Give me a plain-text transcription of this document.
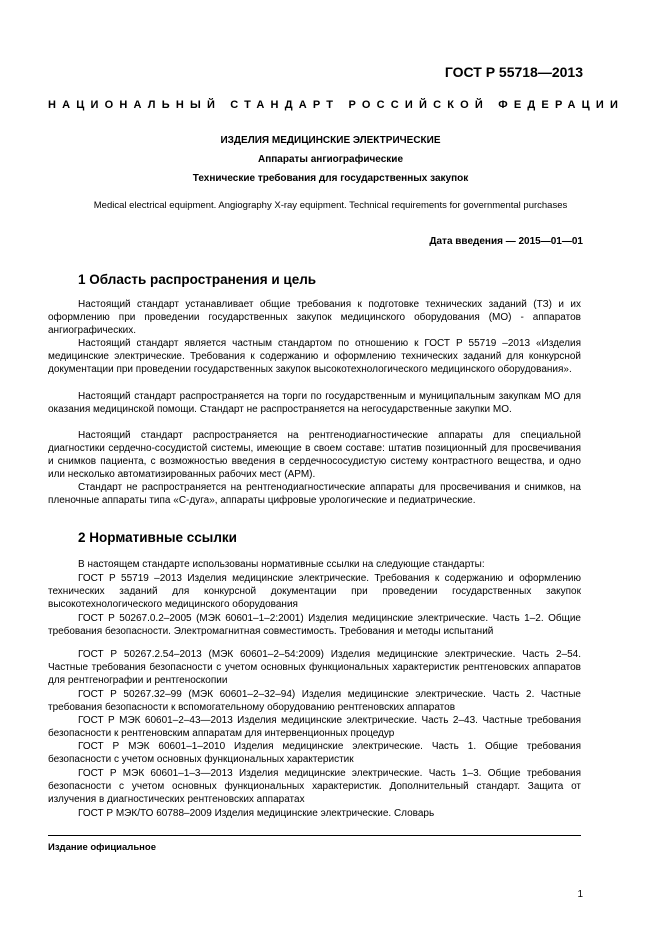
ГОСТ Р 55718—2013
НАЦИОНАЛЬНЫЙ СТАНДАРТ РОССИЙСКОЙ ФЕДЕРАЦИИ
ИЗДЕЛИЯ МЕДИЦИНСКИЕ ЭЛЕКТРИЧЕСКИЕ
Аппараты ангиографические
Технические требования для государственных закупок
Medical electrical equipment. Angiography X-ray equipment. Technical requirements for governmental purchases
Дата введения — 2015—01—01
1 Область распространения и цель
Настоящий стандарт устанавливает общие требования к подготовке технических заданий (ТЗ) и их оформлению при проведении государственных закупок медицинского оборудования (МО) - аппаратов ангиографических.
Настоящий стандарт является частным стандартом по отношению к ГОСТ Р 55719 –2013 «Изделия медицинские электрические. Требования к содержанию и оформлению технических заданий для конкурсной документации при проведении государственных закупок высокотехнологического медицинского оборудования».
Настоящий стандарт распространяется на торги по государственным и муниципальным закупкам МО для оказания медицинской помощи. Стандарт не распространяется на негосударственные закупки МО.
Настоящий стандарт распространяется на рентгенодиагностические аппараты для специальной диагностики сердечно-сосудистой системы, имеющие в своем составе: штатив позиционный для просвечивания и снимков пациента, с возможностью введения в сердечнососудистую систему контрастного вещества, и одно или несколько автоматизированных рабочих мест (АРМ).
Стандарт не распространяется на рентгенодиагностические аппараты для просвечивания и снимков, на пленочные аппараты типа «С-дуга», аппараты цифровые урологические и педиатрические.
2 Нормативные ссылки
В настоящем стандарте использованы нормативные ссылки на следующие стандарты:
ГОСТ Р 55719 –2013 Изделия медицинские электрические. Требования к содержанию и оформлению технических заданий для конкурсной документации при проведении государственных закупок высокотехнологического медицинского оборудования
ГОСТ Р 50267.0.2–2005 (МЭК 60601–1–2:2001) Изделия медицинские электрические. Часть 1–2. Общие требования безопасности. Электромагнитная совместимость. Требования и методы испытаний
ГОСТ Р 50267.2.54–2013 (МЭК 60601–2–54:2009) Изделия медицинские электрические. Часть 2–54. Частные требования безопасности с учетом основных функциональных характеристик рентгеновских аппаратов для рентгенографии и рентгеноскопии
ГОСТ Р 50267.32–99 (МЭК 60601–2–32–94) Изделия медицинские электрические. Часть 2. Частные требования безопасности к вспомогательному оборудованию рентгеновских аппаратов
ГОСТ Р МЭК 60601–2–43—2013 Изделия медицинские электрические. Часть 2–43. Частные требования безопасности к рентгеновским аппаратам для интервенционных процедур
ГОСТ Р МЭК 60601–1–2010 Изделия медицинские электрические. Часть 1. Общие требования безопасности с учетом основных функциональных характеристик
ГОСТ Р МЭК 60601–1–3—2013 Изделия медицинские электрические. Часть 1–3. Общие требования безопасности с учетом основных функциональных характеристик. Дополнительный стандарт. Защита от излучения в диагностических рентгеновских аппаратах
ГОСТ Р МЭК/ТО 60788–2009 Изделия медицинские электрические. Словарь
Издание официальное
1
